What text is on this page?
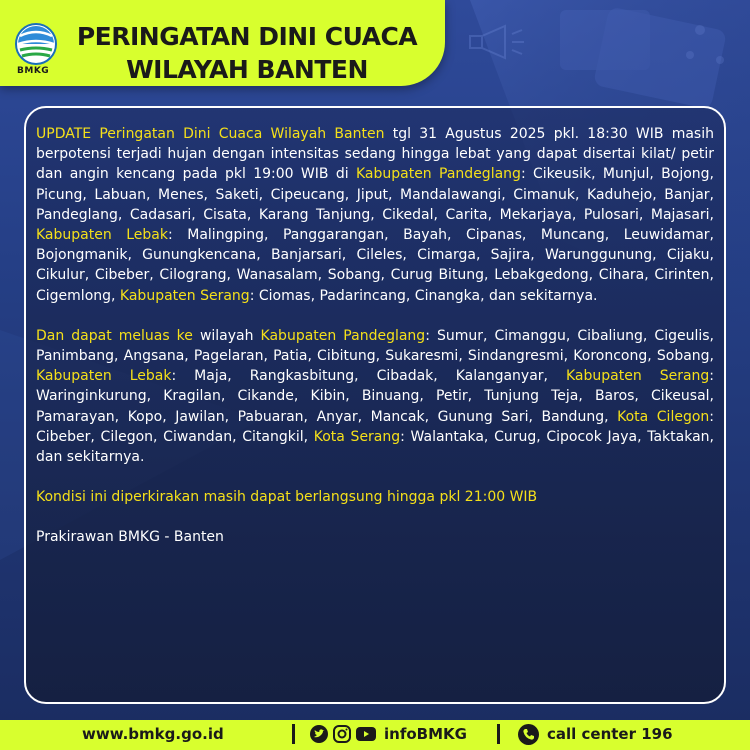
BMKG
PERINGATAN DINI CUACA
WILAYAH BANTEN

UPDATE Peringatan Dini Cuaca Wilayah Banten tgl 31 Agustus 2025 pkl. 18:30 WIB masih berpotensi terjadi hujan dengan intensitas sedang hingga lebat yang dapat disertai kilat/ petir dan angin kencang pada pkl 19:00 WIB di Kabupaten Pandeglang: Cikeusik, Munjul, Bojong, Picung, Labuan, Menes, Saketi, Cipeucang, Jiput, Mandalawangi, Cimanuk, Kaduhejo, Banjar, Pandeglang, Cadasari, Cisata, Karang Tanjung, Cikedal, Carita, Mekarjaya, Pulosari, Majasari, Kabupaten Lebak: Malingping, Panggarangan, Bayah, Cipanas, Muncang, Leuwidamar, Bojongmanik, Gunungkencana, Banjarsari, Cileles, Cimarga, Sajira, Warunggunung, Cijaku, Cikulur, Cibeber, Cilograng, Wanasalam, Sobang, Curug Bitung, Lebakgedong, Cihara, Cirinten, Cigemlong, Kabupaten Serang: Ciomas, Padarincang, Cinangka, dan sekitarnya.

Dan dapat meluas ke wilayah Kabupaten Pandeglang: Sumur, Cimanggu, Cibaliung, Cigeulis, Panimbang, Angsana, Pagelaran, Patia, Cibitung, Sukaresmi, Sindangresmi, Koroncong, Sobang, Kabupaten Lebak: Maja, Rangkasbitung, Cibadak, Kalanganyar, Kabupaten Serang: Waringinkurung, Kragilan, Cikande, Kibin, Binuang, Petir, Tunjung Teja, Baros, Cikeusal, Pamarayan, Kopo, Jawilan, Pabuaran, Anyar, Mancak, Gunung Sari, Bandung, Kota Cilegon: Cibeber, Cilegon, Ciwandan, Citangkil, Kota Serang: Walantaka, Curug, Cipocok Jaya, Taktakan, dan sekitarnya.

Kondisi ini diperkirakan masih dapat berlangsung hingga pkl 21:00 WIB

Prakirawan BMKG - Banten

www.bmkg.go.id	infoBMKG	call center 196
